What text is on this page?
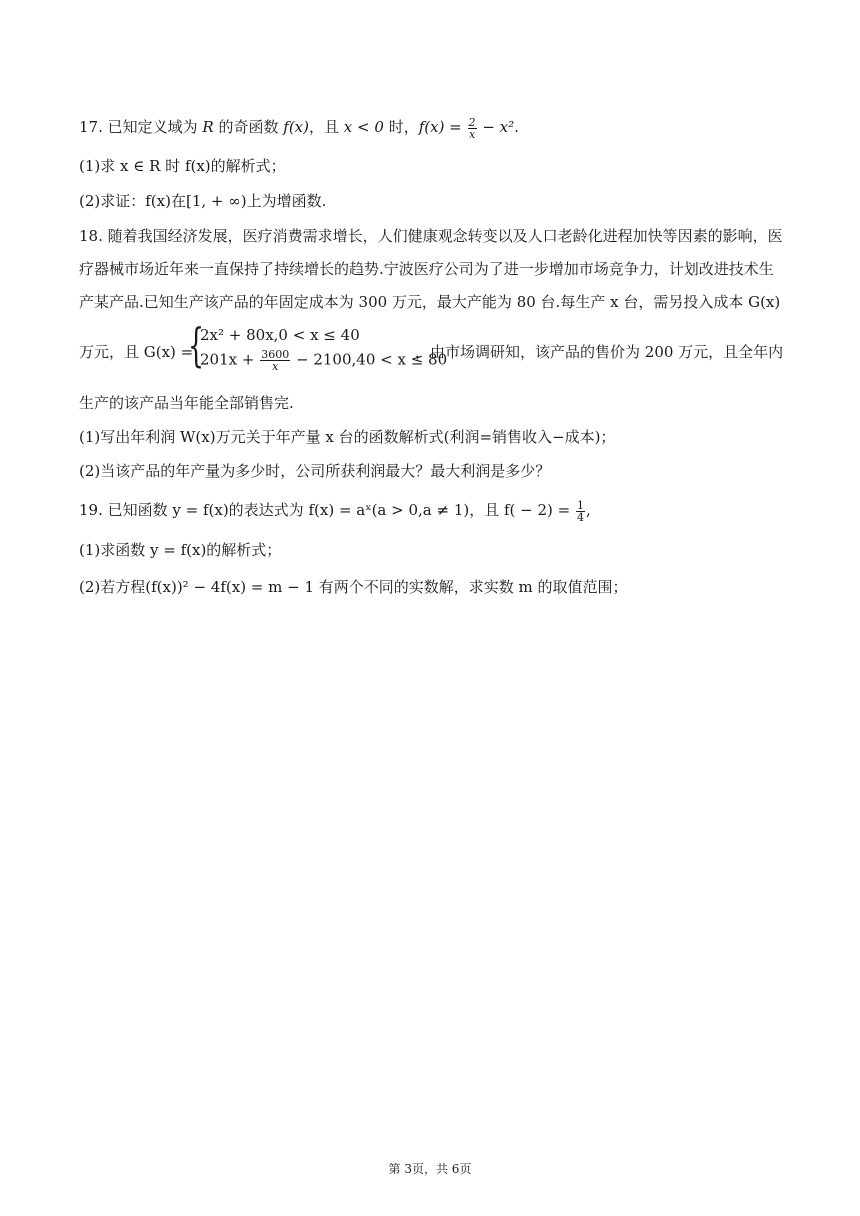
17. 已知定义域为 R 的奇函数 f(x)，且 x < 0 时，$f(x) = \frac{2}{x} - x^2$.
(1)求 x ∈ R 时 f(x)的解析式；
(2)求证：f(x)在[1, + ∞)上为增函数.
18. 随着我国经济发展，医疗消费需求增长，人们健康观念转变以及人口老龄化进程加快等因素的影响，医
疗器械市场近年来一直保持了持续增长的趋势.宁波医疗公司为了进一步增加市场竞争力，计划改进技术生
产某产品.已知生产该产品的年固定成本为 300 万元，最大产能为 80 台.每生产 x 台，需另投入成本 G(x)
万元，且 G(x) =
{
2x² + 80x,0 < x ≤ 40
$201x + \frac{3600}{x} - 2100,40 < x \le 80$
，由市场调研知，该产品的售价为 200 万元，且全年内
生产的该产品当年能全部销售完.
(1)写出年利润 W(x)万元关于年产量 x 台的函数解析式(利润=销售收入−成本)；
(2)当该产品的年产量为多少时，公司所获利润最大？最大利润是多少？
19. 已知函数 y = f(x)的表达式为 f(x) = aˣ(a > 0,a ≠ 1)，且 $f( - 2) = \frac{1}{4}$ ,
(1)求函数 y = f(x)的解析式；
(2)若方程(f(x))² − 4f(x) = m − 1 有两个不同的实数解，求实数 m 的取值范围；
第 3页，共 6页
